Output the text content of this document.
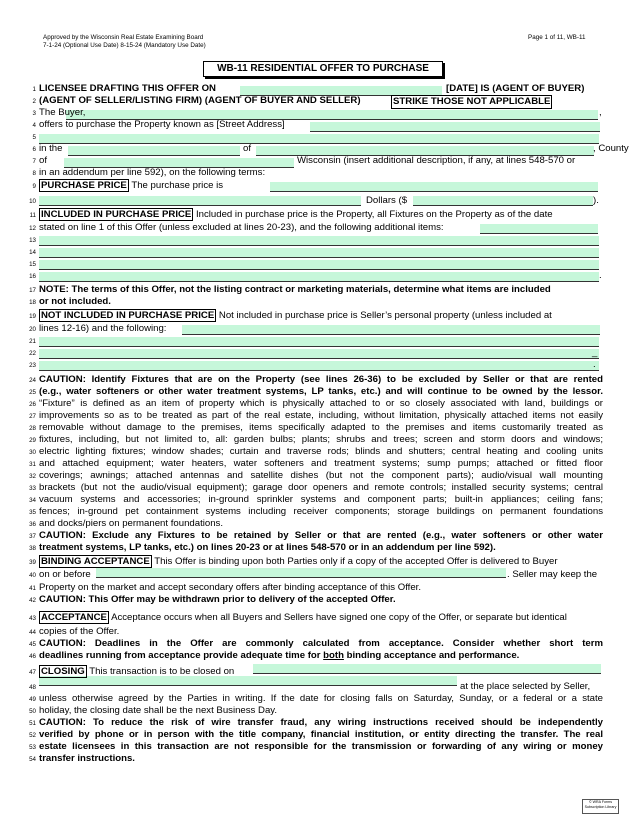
Approved by the Wisconsin Real Estate Examining Board
7-1-24 (Optional Use Date) 8-15-24 (Mandatory Use Date)
Page 1 of 11, WB-11
WB-11 RESIDENTIAL OFFER TO PURCHASE
1 LICENSEE DRAFTING THIS OFFER ON	[DATE] IS (AGENT OF BUYER)
2 (AGENT OF SELLER/LISTING FIRM) (AGENT OF BUYER AND SELLER)	STRIKE THOSE NOT APPLICABLE
3 The Buyer,	,
4 offers to purchase the Property known as [Street Address]
5
6 in the	of	, County
7 of	Wisconsin (insert additional description, if any, at lines 548-570 or
8 in an addendum per line 592), on the following terms:
9 PURCHASE PRICE The purchase price is
10	Dollars ($	).
11 INCLUDED IN PURCHASE PRICE Included in purchase price is the Property, all Fixtures on the Property as of the date
12 stated on line 1 of this Offer (unless excluded at lines 20-23), and the following additional items:
13
14
15
16	.
17 NOTE: The terms of this Offer, not the listing contract or marketing materials, determine what items are included
18 or not included.
19 NOT INCLUDED IN PURCHASE PRICE Not included in purchase price is Seller’s personal property (unless included at
20 lines 12-16) and the following:
21
22	_
23	.
24 CAUTION: Identify Fixtures that are on the Property (see lines 26-36) to be excluded by Seller or that are rented
25 (e.g., water softeners or other water treatment systems, LP tanks, etc.) and will continue to be owned by the lessor.
26 “Fixture” is defined as an item of property which is physically attached to or so closely associated with land, buildings or
27 improvements so as to be treated as part of the real estate, including, without limitation, physically attached items not easily
28 removable without damage to the premises, items specifically adapted to the premises and items customarily treated as
29 fixtures, including, but not limited to, all: garden bulbs; plants; shrubs and trees; screen and storm doors and windows;
30 electric lighting fixtures; window shades; curtain and traverse rods; blinds and shutters; central heating and cooling units
31 and attached equipment; water heaters, water softeners and treatment systems; sump pumps; attached or fitted floor
32 coverings; awnings; attached antennas and satellite dishes (but not the component parts); audio/visual wall mounting
33 brackets (but not the audio/visual equipment); garage door openers and remote controls; installed security systems; central
34 vacuum systems and accessories; in-ground sprinkler systems and component parts; built-in appliances; ceiling fans;
35 fences; in-ground pet containment systems including receiver components; storage buildings on permanent foundations
36 and docks/piers on permanent foundations.
37 CAUTION: Exclude any Fixtures to be retained by Seller or that are rented (e.g., water softeners or other water
38 treatment systems, LP tanks, etc.) on lines 20-23 or at lines 548-570 or in an addendum per line 592).
39 BINDING ACCEPTANCE This Offer is binding upon both Parties only if a copy of the accepted Offer is delivered to Buyer
40 on or before	. Seller may keep the
41 Property on the market and accept secondary offers after binding acceptance of this Offer.
42 CAUTION: This Offer may be withdrawn prior to delivery of the accepted Offer.
43 ACCEPTANCE Acceptance occurs when all Buyers and Sellers have signed one copy of the Offer, or separate but identical
44 copies of the Offer.
45 CAUTION: Deadlines in the Offer are commonly calculated from acceptance. Consider whether short term
46 deadlines running from acceptance provide adequate time for both binding acceptance and performance.
47 CLOSING This transaction is to be closed on
48	at the place selected by Seller,
49 unless otherwise agreed by the Parties in writing. If the date for closing falls on Saturday, Sunday, or a federal or a state
50 holiday, the closing date shall be the next Business Day.
51 CAUTION: To reduce the risk of wire transfer fraud, any wiring instructions received should be independently
52 verified by phone or in person with the title company, financial institution, or entity directing the transfer. The real
53 estate licensees in this transaction are not responsible for the transmission or forwarding of any wiring or money
54 transfer instructions.
© WRA Forms
Subscription Library
